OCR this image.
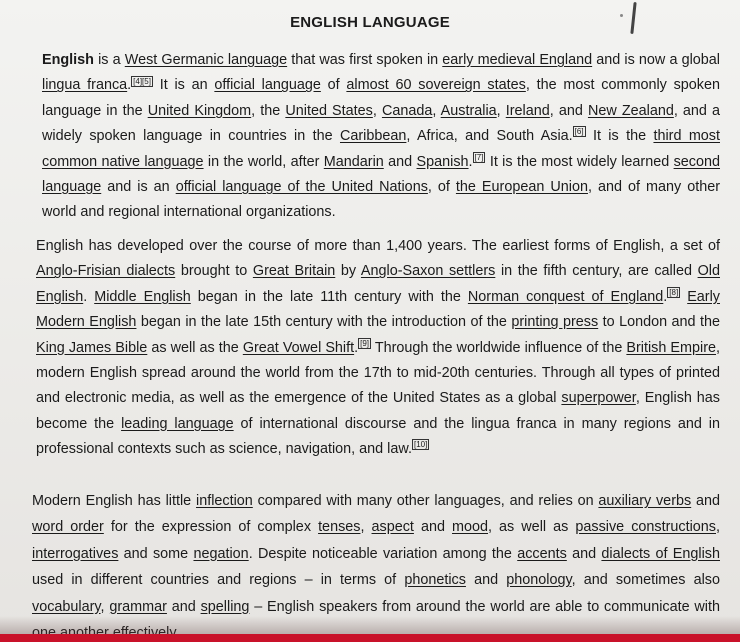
ENGLISH LANGUAGE

English is a West Germanic language that was first spoken in early medieval England and is now a global lingua franca. [4][5] It is an official language of almost 60 sovereign states, the most commonly spoken language in the United Kingdom, the United States, Canada, Australia, Ireland, and New Zealand, and a widely spoken language in countries in the Caribbean, Africa, and South Asia. [6] It is the third most common native language in the world, after Mandarin and Spanish. [7] It is the most widely learned second language and is an official language of the United Nations, of the European Union, and of many other world and regional international organizations.

English has developed over the course of more than 1,400 years. The earliest forms of English, a set of Anglo-Frisian dialects brought to Great Britain by Anglo-Saxon settlers in the fifth century, are called Old English. Middle English began in the late 11th century with the Norman conquest of England. [8] Early Modern English began in the late 15th century with the introduction of the printing press to London and the King James Bible as well as the Great Vowel Shift. [9] Through the worldwide influence of the British Empire, modern English spread around the world from the 17th to mid-20th centuries. Through all types of printed and electronic media, as well as the emergence of the United States as a global superpower, English has become the leading language of international discourse and the lingua franca in many regions and in professional contexts such as science, navigation, and law. [10]

Modern English has little inflection compared with many other languages, and relies on auxiliary verbs and word order for the expression of complex tenses, aspect and mood, as well as passive constructions, interrogatives and some negation. Despite noticeable variation among the accents and dialects of English used in different countries and regions – in terms of phonetics and phonology, and sometimes also vocabulary, grammar and spelling – English speakers from around the world are able to communicate with
